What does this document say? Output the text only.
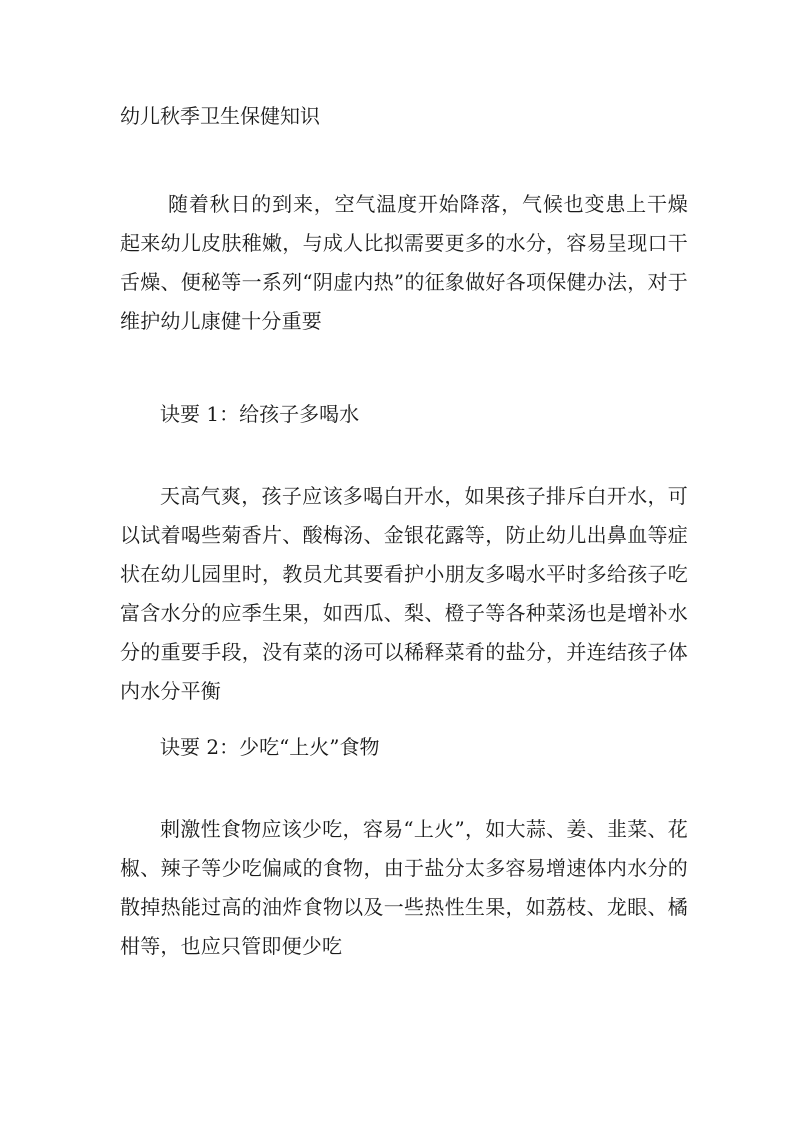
幼儿秋季卫生保健知识

随着秋日的到来，空气温度开始降落，气候也变患上干燥起来幼儿皮肤稚嫩，与成人比拟需要更多的水分，容易呈现口干舌燥、便秘等一系列“阴虚内热”的征象做好各项保健办法，对于维护幼儿康健十分重要

诀要 1：给孩子多喝水

天高气爽，孩子应该多喝白开水，如果孩子排斥白开水，可以试着喝些菊香片、酸梅汤、金银花露等，防止幼儿出鼻血等症状在幼儿园里时，教员尤其要看护小朋友多喝水平时多给孩子吃富含水分的应季生果，如西瓜、梨、橙子等各种菜汤也是增补水分的重要手段，没有菜的汤可以稀释菜肴的盐分，并连结孩子体内水分平衡

诀要 2：少吃“上火”食物

刺激性食物应该少吃，容易“上火”，如大蒜、姜、韭菜、花椒、辣子等少吃偏咸的食物，由于盐分太多容易增速体内水分的散掉热能过高的油炸食物以及一些热性生果，如荔枝、龙眼、橘柑等，也应只管即便少吃
